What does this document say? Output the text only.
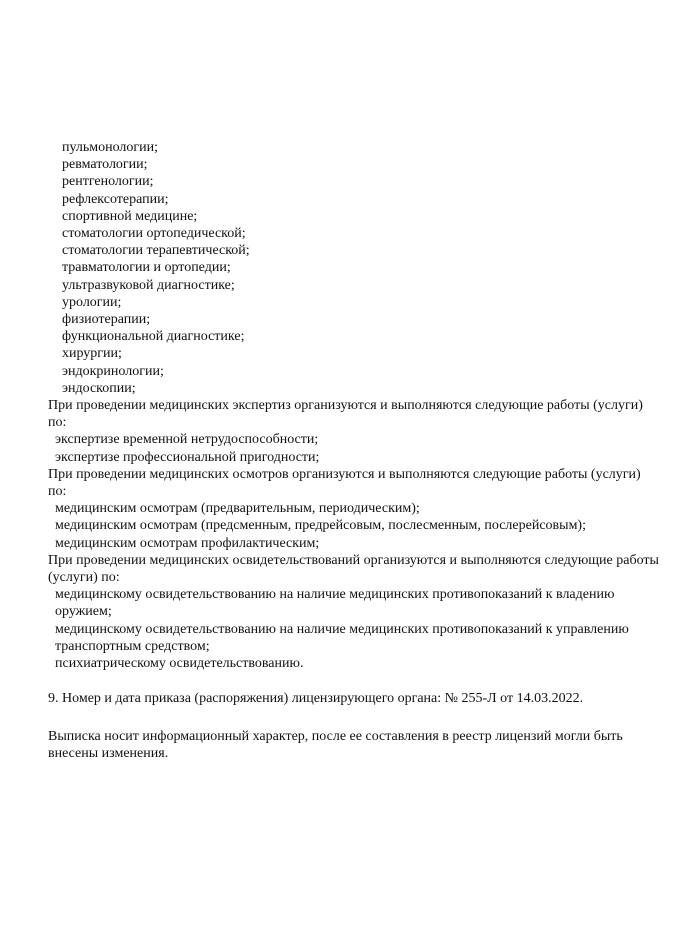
пульмонологии;
ревматологии;
рентгенологии;
рефлексотерапии;
спортивной медицине;
стоматологии ортопедической;
стоматологии терапевтической;
травматологии и ортопедии;
ультразвуковой диагностике;
урологии;
физиотерапии;
функциональной диагностике;
хирургии;
эндокринологии;
эндоскопии;

При проведении медицинских экспертиз организуются и выполняются следующие работы (услуги) по:

экспертизе временной нетрудоспособности;
экспертизе профессиональной пригодности;

При проведении медицинских осмотров организуются и выполняются следующие работы (услуги) по:

медицинским осмотрам (предварительным, периодическим);
медицинским осмотрам (предсменным, предрейсовым, послесменным, послерейсовым);
медицинским осмотрам профилактическим;

При проведении медицинских освидетельствований организуются и выполняются следующие работы (услуги) по:

медицинскому освидетельствованию на наличие медицинских противопоказаний к владению оружием;
медицинскому освидетельствованию на наличие медицинских противопоказаний к управлению транспортным средством;
психиатрическому освидетельствованию.

9. Номер и дата приказа (распоряжения) лицензирующего органа: № 255-Л от 14.03.2022.

Выписка носит информационный характер, после ее составления в реестр лицензий могли быть внесены изменения.
